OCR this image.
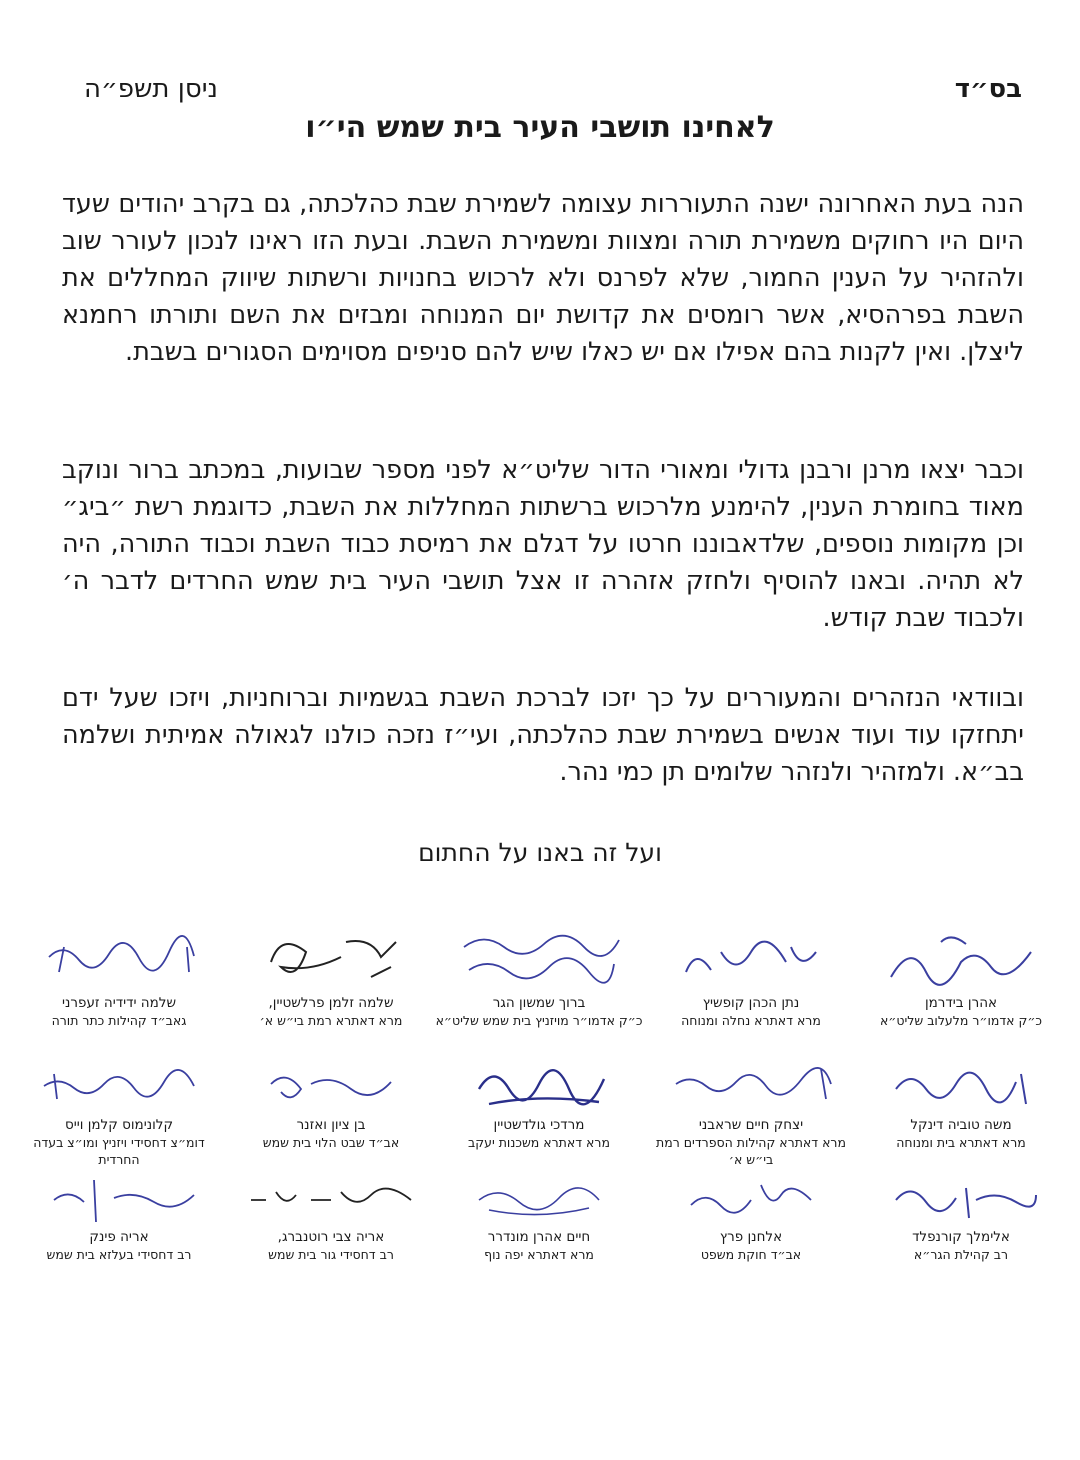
בס״ד
ניסן תשפ״ה
לאחינו תושבי העיר בית שמש הי״ו
הנה בעת האחרונה ישנה התעוררות עצומה לשמירת שבת כהלכתה, גם בקרב יהודים שעד היום היו רחוקים משמירת תורה ומצוות ומשמירת השבת. ובעת הזו ראינו לנכון לעורר שוב ולהזהיר על הענין החמור, שלא לפרנס ולא לרכוש בחנויות ורשתות שיווק המחללים את השבת בפרהסיא, אשר רומסים את קדושת יום המנוחה ומבזים את השם ותורתו רחמנא ליצלן. ואין לקנות בהם אפילו אם יש כאלו שיש להם סניפים מסוימים הסגורים בשבת.
וכבר יצאו מרנן ורבנן גדולי ומאורי הדור שליט״א לפני מספר שבועות, במכתב ברור ונוקב מאוד בחומרת הענין, להימנע מלרכוש ברשתות המחללות את השבת, כדוגמת רשת ״ביג״ וכן מקומות נוספים, שלדאבוננו חרטו על דגלם את רמיסת כבוד השבת וכבוד התורה, היה לא תהיה. ובאנו להוסיף ולחזק אזהרה זו אצל תושבי העיר בית שמש החרדים לדבר ה׳ ולכבוד שבת קודש.
ובוודאי הנזהרים והמעוררים על כך יזכו לברכת השבת בגשמיות וברוחניות, ויזכו שעל ידם יתחזקו עוד ועוד אנשים בשמירת שבת כהלכתה, ועי״ז נזכה כולנו לגאולה אמיתית ושלמה בב״א. ולמזהיר ולנזהר שלומים תן כמי נהר.
ועל זה באנו על החתום
אהרן בידרמן
כ״ק אדמו״ר מלעלוב שליט״א
נתן הכהן קופשיץ
מרא דאתרא נחלה ומנוחה
ברוך שמשון הגר
כ״ק אדמו״ר מויזניץ בית שמש שליט״א
שלמה זלמן פרלשטיין,
מרא דאתרא רמת בי״ש א׳
שלמה ידידיה זעפרני
גאב״ד קהילות כתר תורה
משה טוביה דינקל
מרא דאתרא בית ומנוחה
יצחק חיים שראבני
מרא דאתרא קהילות הספרדים רמת בי״ש א׳
מרדכי גולדשטיין
מרא דאתרא משכנות יעקב
בן ציון ואזנר
אב״ד שבט הלוי בית שמש
קלונימוס קלמן וייס
דומ״צ דחסידי ויזניץ ומו״צ בעדה החרדית
אלימלך קורנפלד
רב קהילת הגר״א
אלחנן פרץ
אב״ד חוקת משפט
חיים אהרן מונדרר
מרא דאתרא יפה נוף
אריה צבי רוטנברג,
רב דחסידי גור בית שמש
אריה פינק
רב דחסידי בעלזא בית שמש
